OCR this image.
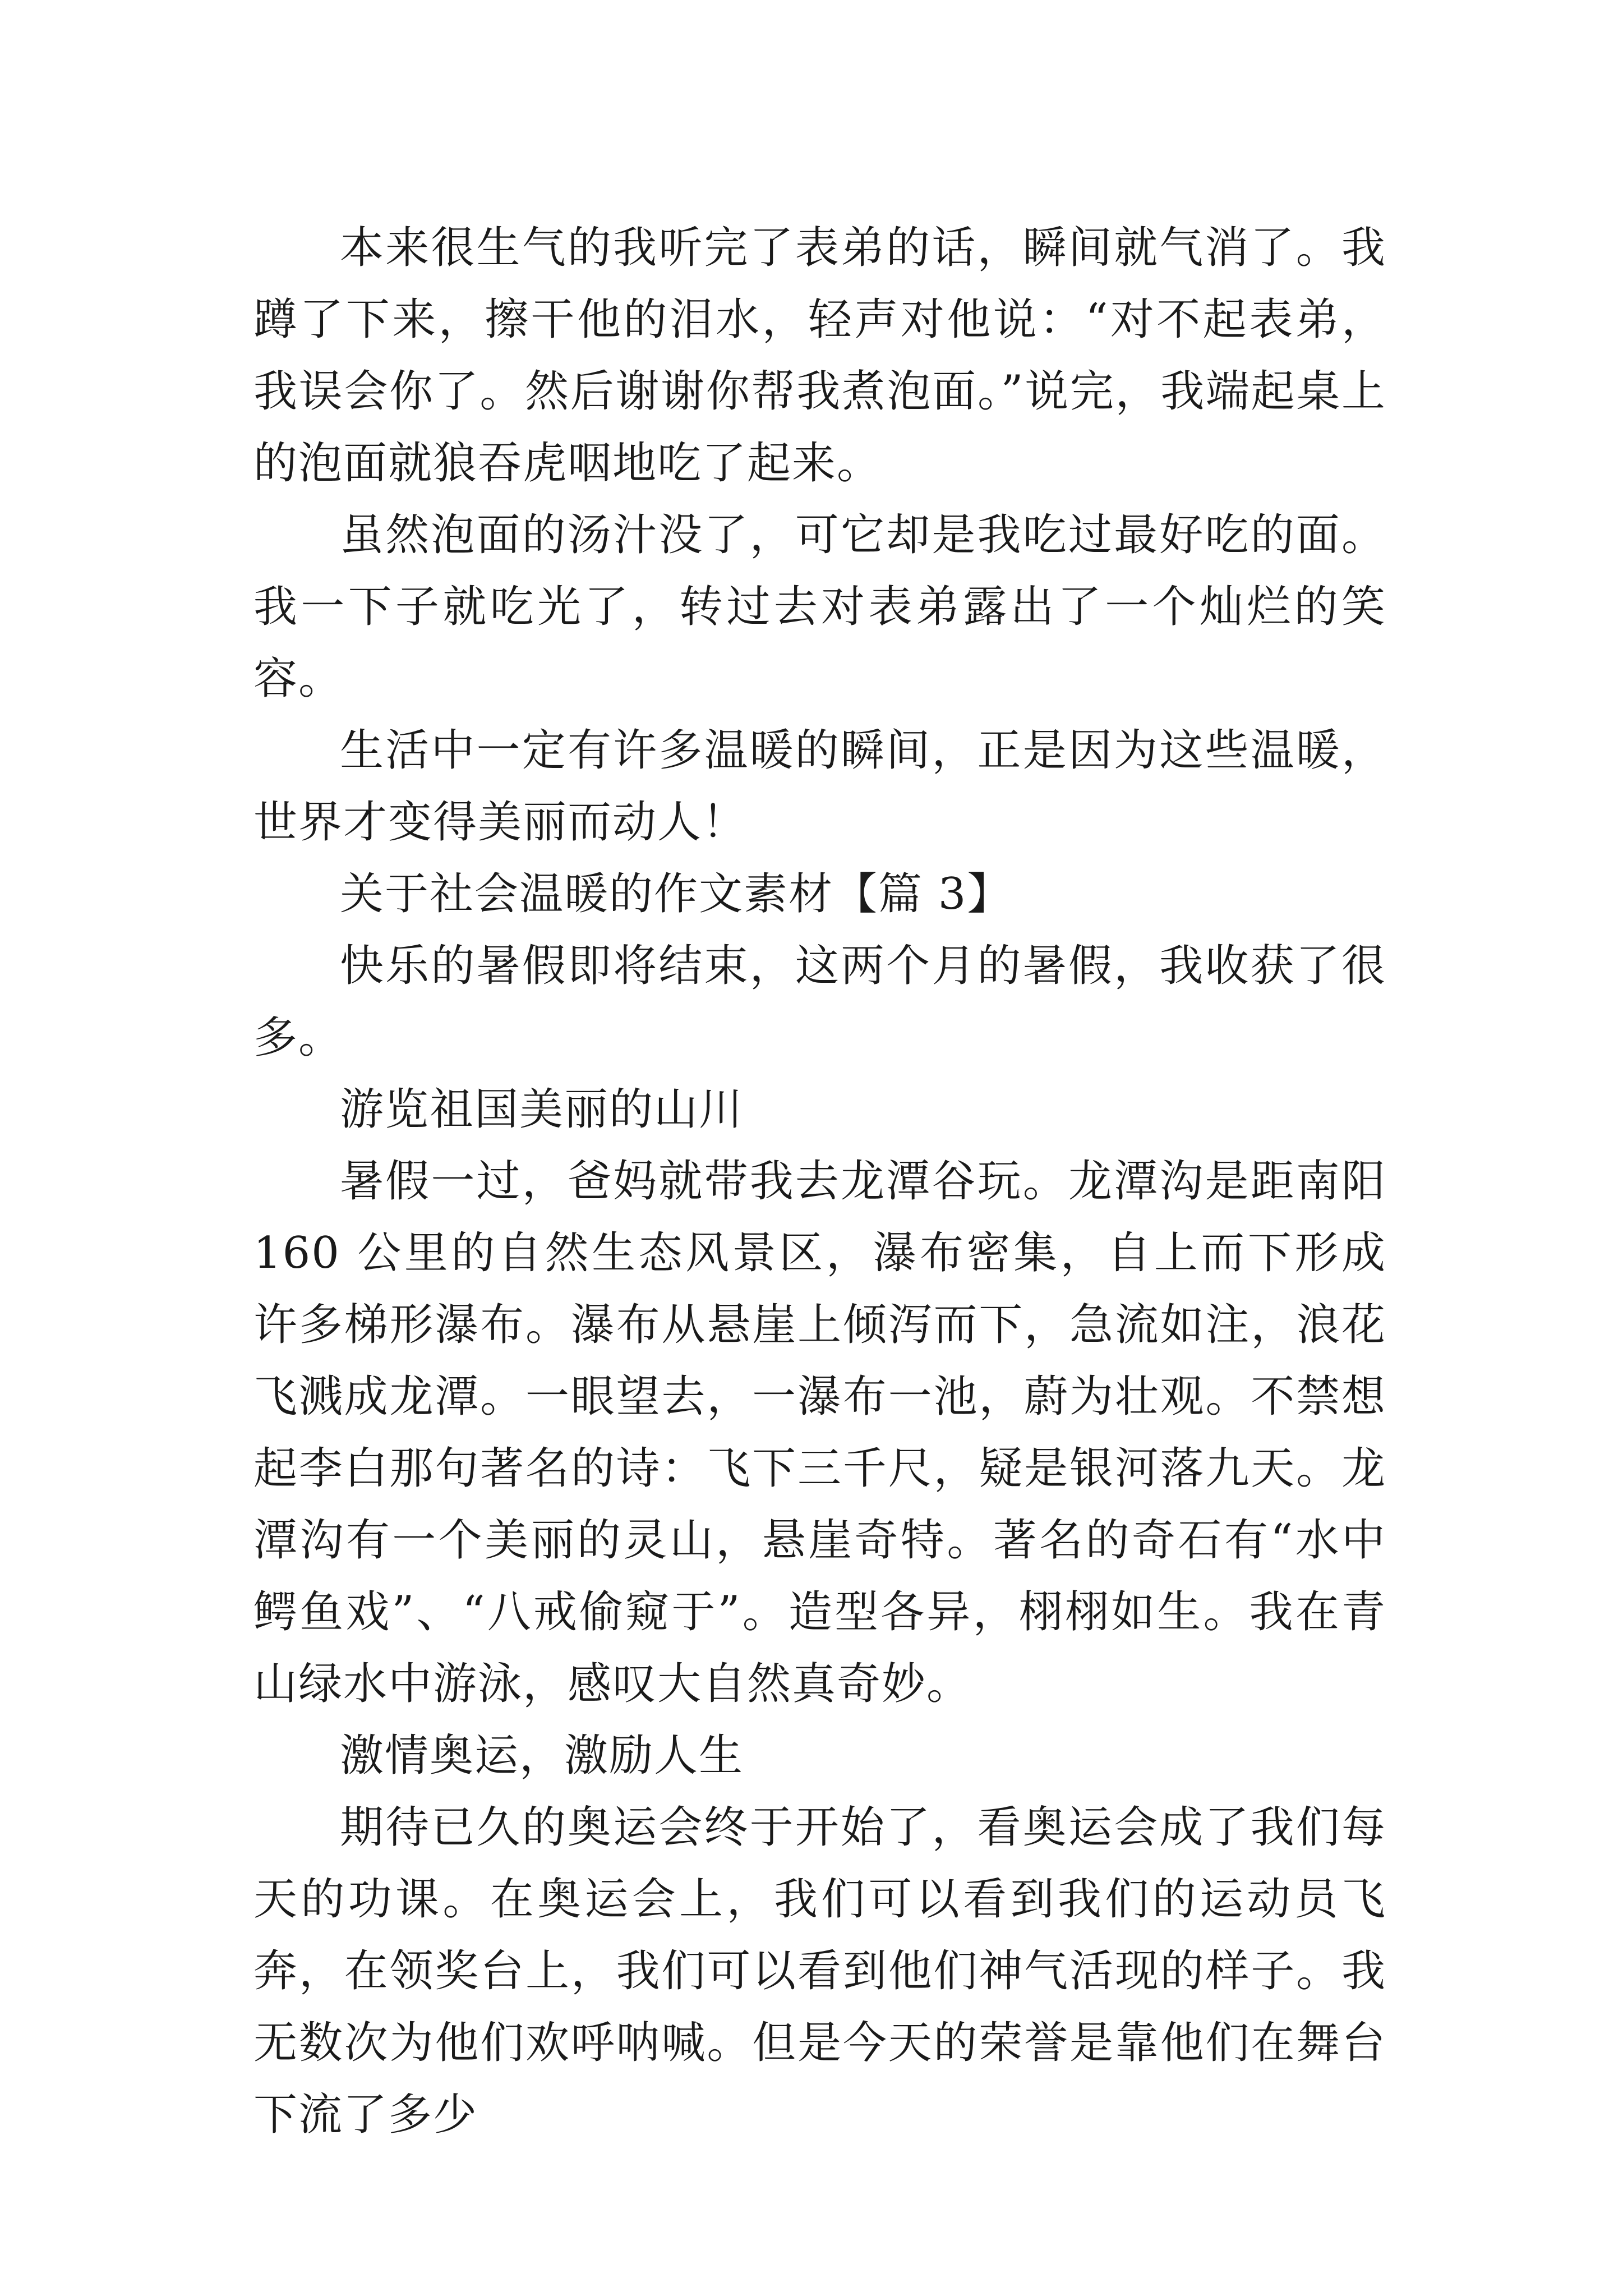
本来很生气的我听完了表弟的话，瞬间就气消了。我蹲了下来，擦干他的泪水，轻声对他说：“对不起表弟，我误会你了。然后谢谢你帮我煮泡面。”说完，我端起桌上的泡面就狼吞虎咽地吃了起来。

虽然泡面的汤汁没了，可它却是我吃过最好吃的面。我一下子就吃光了，转过去对表弟露出了一个灿烂的笑容。

生活中一定有许多温暖的瞬间，正是因为这些温暖，世界才变得美丽而动人！

关于社会温暖的作文素材【篇 3】

快乐的暑假即将结束，这两个月的暑假，我收获了很多。

游览祖国美丽的山川

暑假一过，爸妈就带我去龙潭谷玩。龙潭沟是距南阳 160 公里的自然生态风景区，瀑布密集，自上而下形成许多梯形瀑布。瀑布从悬崖上倾泻而下，急流如注，浪花飞溅成龙潭。一眼望去，一瀑布一池，蔚为壮观。不禁想起李白那句著名的诗：飞下三千尺，疑是银河落九天。龙潭沟有一个美丽的灵山，悬崖奇特。著名的奇石有“水中鳄鱼戏”、“八戒偷窥于”。造型各异，栩栩如生。我在青山绿水中游泳，感叹大自然真奇妙。

激情奥运，激励人生

期待已久的奥运会终于开始了，看奥运会成了我们每天的功课。在奥运会上，我们可以看到我们的运动员飞奔，在领奖台上，我们可以看到他们神气活现的样子。我无数次为他们欢呼呐喊。但是今天的荣誉是靠他们在舞台下流了多少
